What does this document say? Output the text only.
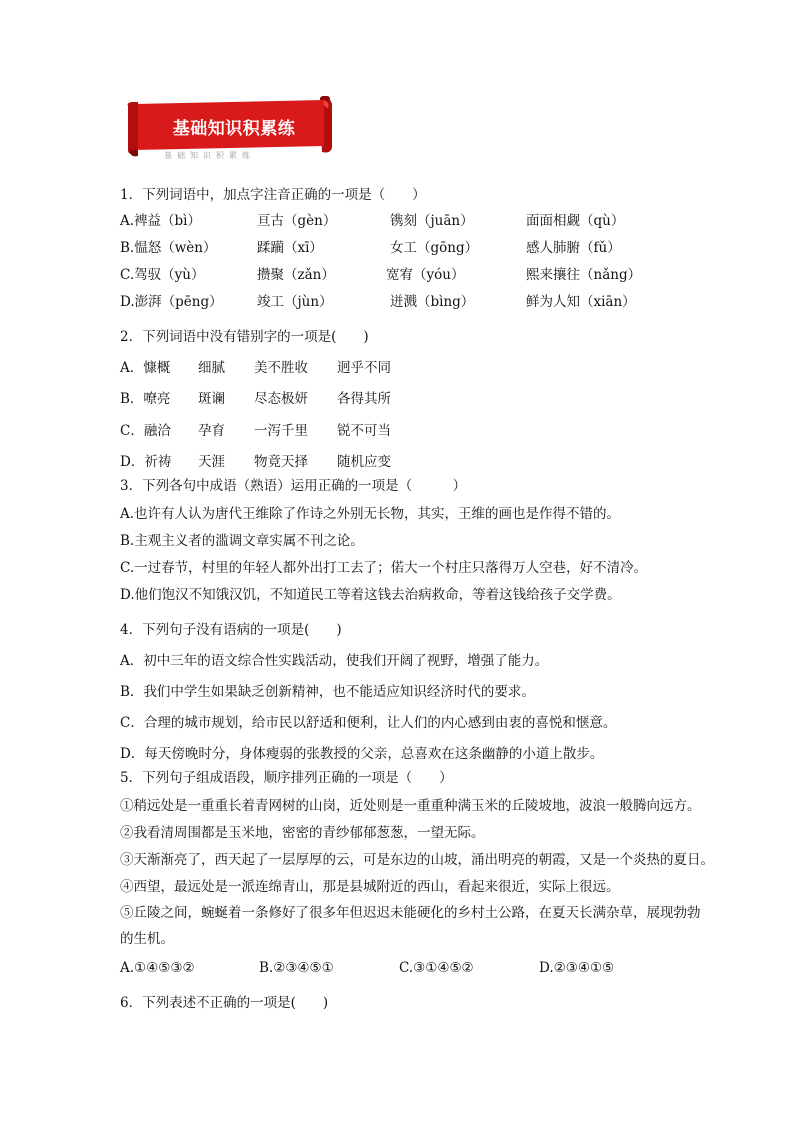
基础知识积累练
基础知识积累练
1．下列词语中，加点字注音正确的一项是（　　）
A.裨益（bì）	亘古（gèn）	镌刻（juān）	面面相觑（qù）
B.愠怒（wèn）	蹂躏（xī）	女工（gōng）	感人肺腑（fǔ）
C.驾驭（yù）	攒聚（zǎn）	宽宥（yóu）	熙来攘往（nǎng）
D.澎湃（pēng）	竣工（jùn）	迸溅（bìng）	鲜为人知（xiān）
2．下列词语中没有错别字的一项是(　　)
A．慷概 细腻 美不胜收 迥乎不同
B．嘹亮 斑谰 尽态极妍 各得其所
C．融洽 孕育 一泻千里 锐不可当
D．祈祷 天涯 物竟天择 随机应变
3．下列各句中成语（熟语）运用正确的一项是（　　　）
A.也许有人认为唐代王维除了作诗之外别无长物，其实，王维的画也是作得不错的。
B.主观主义者的滥调文章实属不刊之论。
C.一过春节，村里的年轻人都外出打工去了；偌大一个村庄只落得万人空巷，好不清冷。
D.他们饱汉不知饿汉饥，不知道民工等着这钱去治病救命，等着这钱给孩子交学费。
4．下列句子没有语病的一项是(　　)
A．初中三年的语文综合性实践活动，使我们开阔了视野，增强了能力。
B．我们中学生如果缺乏创新精神，也不能适应知识经济时代的要求。
C．合理的城市规划，给市民以舒适和便利，让人们的内心感到由衷的喜悦和惬意。
D．每天傍晚时分，身体瘦弱的张教授的父亲，总喜欢在这条幽静的小道上散步。
5．下列句子组成语段，顺序排列正确的一项是（　　）
①稍远处是一重重长着青网树的山岗，近处则是一重重种满玉米的丘陵坡地，波浪一般腾向远方。
②我看清周围都是玉米地，密密的青纱郁郁葱葱，一望无际。
③天渐渐亮了，西天起了一层厚厚的云，可是东边的山坡，涌出明亮的朝霞，又是一个炎热的夏日。
④西望，最远处是一派连绵青山，那是县城附近的西山，看起来很近，实际上很远。
⑤丘陵之间，蜿蜒着一条修好了很多年但迟迟未能硬化的乡村土公路，在夏天长满杂草，展现勃勃的生机。
A.①④⑤③②	B.②③④⑤①	C.③①④⑤②	D.②③④①⑤
6．下列表述不正确的一项是(　　)
